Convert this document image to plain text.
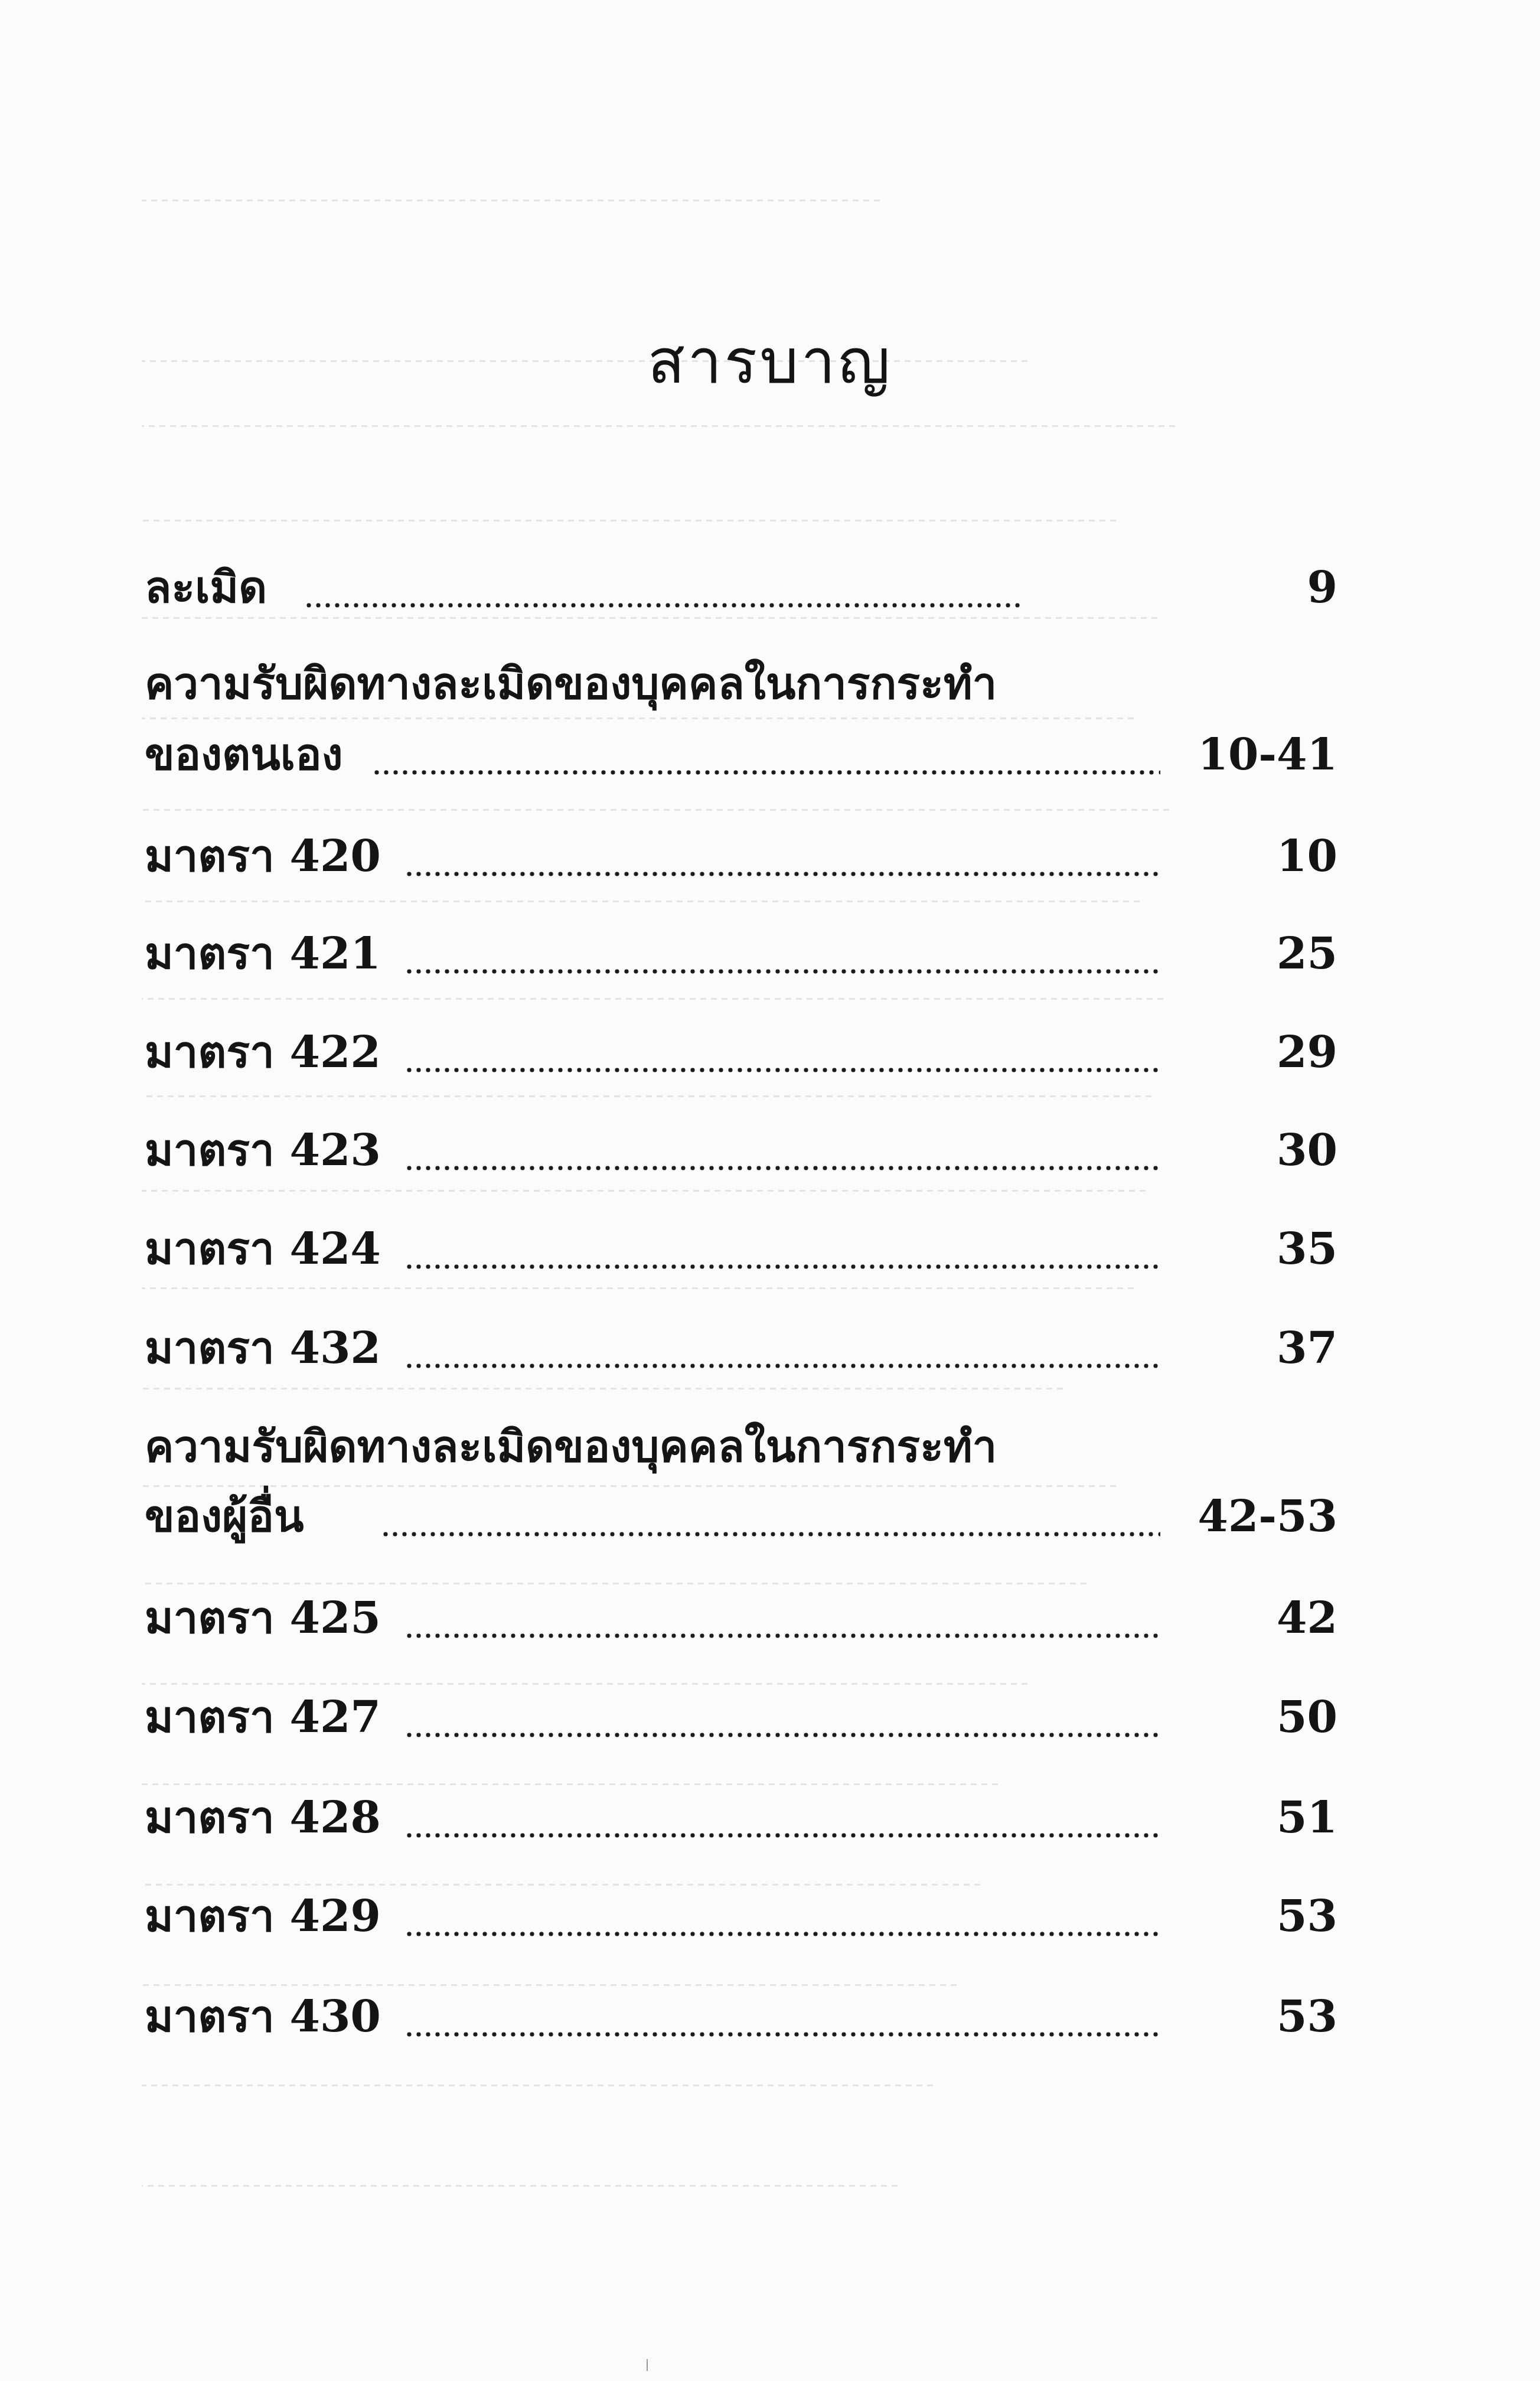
สารบาญ
ละเมิด	9
ความรับผิดทางละเมิดของบุคคลในการกระทำ
ของตนเอง	10-41
มาตรา 420	10
มาตรา 421	25
มาตรา 422	29
มาตรา 423	30
มาตรา 424	35
มาตรา 432	37
ความรับผิดทางละเมิดของบุคคลในการกระทำ
ของผู้อื่น	42-53
มาตรา 425	42
มาตรา 427	50
มาตรา 428	51
มาตรา 429	53
มาตรา 430	53
